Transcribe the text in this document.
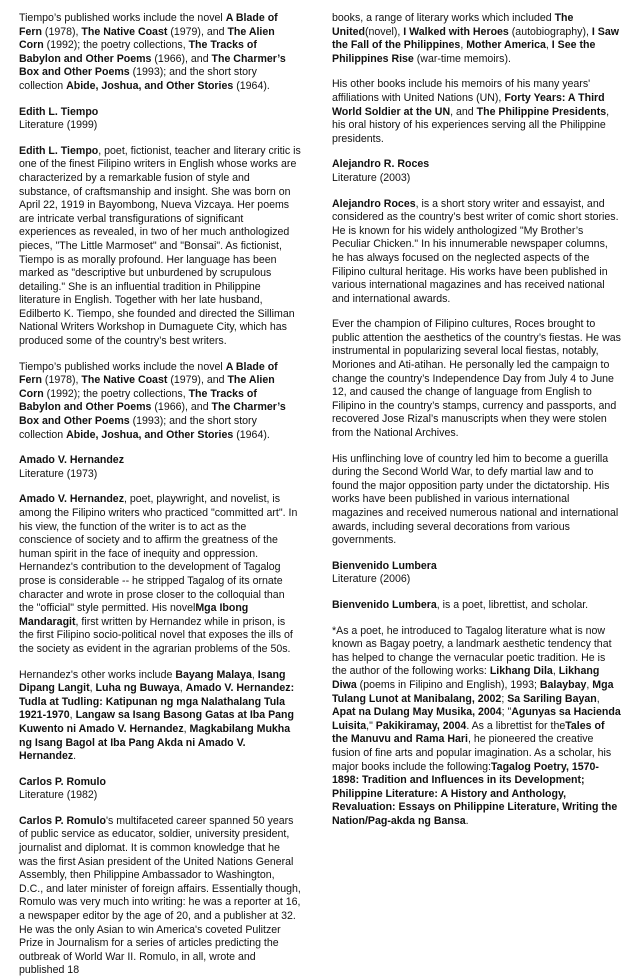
Tiempo’s published works include the novel A Blade of Fern (1978), The Native Coast (1979), and The Alien Corn (1992); the poetry collections, The Tracks of Babylon and Other Poems (1966), and The Charmer’s Box and Other Poems (1993); and the short story collection Abide, Joshua, and Other Stories (1964).

Edith L. Tiempo

Literature (1999)

Edith L. Tiempo, poet, fictionist, teacher and literary critic is one of the finest Filipino writers in English whose works are characterized by a remarkable fusion of style and substance, of craftsmanship and insight. She was born on April 22, 1919 in Bayombong, Nueva Vizcaya. Her poems are intricate verbal transfigurations of significant experiences as revealed, in two of her much anthologized pieces, "The Little Marmoset" and "Bonsai". As fictionist, Tiempo is as morally profound. Her language has been marked as "descriptive but unburdened by scrupulous detailing." She is an influential tradition in Philippine literature in English. Together with her late husband, Edilberto K. Tiempo, she founded and directed the Silliman National Writers Workshop in Dumaguete City, which has produced some of the country’s best writers.

Tiempo’s published works include the novel A Blade of Fern (1978), The Native Coast (1979), and The Alien Corn (1992); the poetry collections, The Tracks of Babylon and Other Poems (1966), and The Charmer’s Box and Other Poems (1993); and the short story collection Abide, Joshua, and Other Stories (1964).

Amado V. Hernandez

Literature (1973)

Amado V. Hernandez, poet, playwright, and novelist, is among the Filipino writers who practiced "committed art". In his view, the function of the writer is to act as the conscience of society and to affirm the greatness of the human spirit in the face of inequity and oppression. Hernandez's contribution to the development of Tagalog prose is considerable -- he stripped Tagalog of its ornate character and wrote in prose closer to the colloquial than the "official" style permitted. His novelMga Ibong Mandaragit, first written by Hernandez while in prison, is the first Filipino socio-political novel that exposes the ills of the society as evident in the agrarian problems of the 50s.

Hernandez's other works include Bayang Malaya, Isang Dipang Langit, Luha ng Buwaya, Amado V. Hernandez: Tudla at Tudling: Katipunan ng mga Nalathalang Tula 1921-1970, Langaw sa Isang Basong Gatas at Iba Pang Kuwento ni Amado V. Hernandez, Magkabilang Mukha ng Isang Bagol at Iba Pang Akda ni Amado V. Hernandez.

Carlos P. Romulo

Literature (1982)

Carlos P. Romulo's multifaceted career spanned 50 years of public service as educator, soldier, university president, journalist and diplomat. It is common knowledge that he was the first Asian president of the United Nations General Assembly, then Philippine Ambassador to Washington, D.C., and later minister of foreign affairs. Essentially though, Romulo was very much into writing: he was a reporter at 16, a newspaper editor by the age of 20, and a publisher at 32. He was the only Asian to win America's coveted Pulitzer Prize in Journalism for a series of articles predicting the outbreak of World War II. Romulo, in all, wrote and published 18

books, a range of literary works which included The United(novel), I Walked with Heroes (autobiography), I Saw the Fall of the Philippines, Mother America, I See the Philippines Rise (war-time memoirs).

His other books include his memoirs of his many years' affiliations with United Nations (UN), Forty Years: A Third World Soldier at the UN, and The Philippine Presidents, his oral history of his experiences serving all the Philippine presidents.

Alejandro R. Roces

Literature (2003)

Alejandro Roces, is a short story writer and essayist, and considered as the country’s best writer of comic short stories. He is known for his widely anthologized "My Brother’s Peculiar Chicken." In his innumerable newspaper columns, he has always focused on the neglected aspects of the Filipino cultural heritage. His works have been published in various international magazines and has received national and international awards.

Ever the champion of Filipino cultures, Roces brought to public attention the aesthetics of the country’s fiestas. He was instrumental in popularizing several local fiestas, notably, Moriones and Ati-atihan. He personally led the campaign to change the country’s Independence Day from July 4 to June 12, and caused the change of language from English to Filipino in the country’s stamps, currency and passports, and recovered Jose Rizal’s manuscripts when they were stolen from the National Archives.

His unflinching love of country led him to become a guerilla during the Second World War, to defy martial law and to found the major opposition party under the dictatorship. His works have been published in various international magazines and received numerous national and international awards, including several decorations from various governments.

Bienvenido Lumbera

Literature (2006)

Bienvenido Lumbera, is a poet, librettist, and scholar.

*As a poet, he introduced to Tagalog literature what is now known as Bagay poetry, a landmark aesthetic tendency that has helped to change the vernacular poetic tradition. He is the author of the following works: Likhang Dila, Likhang Diwa (poems in Filipino and English), 1993; Balaybay, Mga Tulang Lunot at Manibalang, 2002; Sa Sariling Bayan, Apat na Dulang May Musika, 2004; "Agunyas sa Hacienda Luisita," Pakikiramay, 2004. As a librettist for theTales of the Manuvu and Rama Hari, he pioneered the creative fusion of fine arts and popular imagination. As a scholar, his major books include the following:Tagalog Poetry, 1570-1898: Tradition and Influences in its Development; Philippine Literature: A History and Anthology, Revaluation: Essays on Philippine Literature, Writing the Nation/Pag-akda ng Bansa.
